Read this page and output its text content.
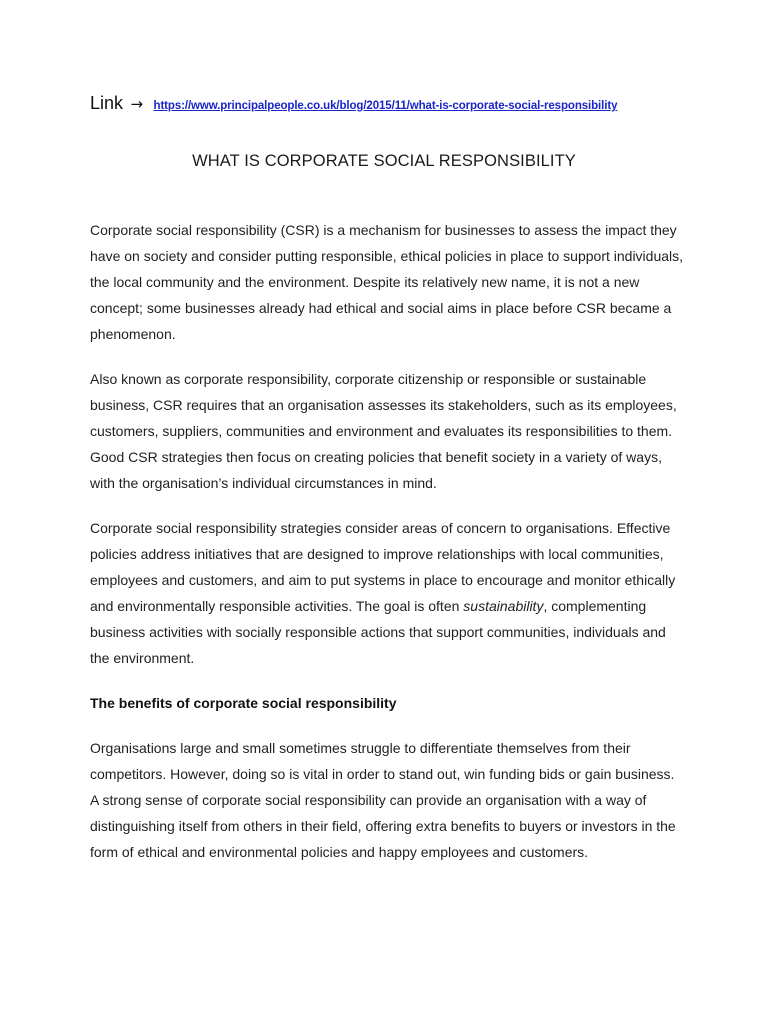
Link → https://www.principalpeople.co.uk/blog/2015/11/what-is-corporate-social-responsibility
WHAT IS CORPORATE SOCIAL RESPONSIBILITY

Corporate social responsibility (CSR) is a mechanism for businesses to assess the impact they
have on society and consider putting responsible, ethical policies in place to support individuals,
the local community and the environment. Despite its relatively new name, it is not a new
concept; some businesses already had ethical and social aims in place before CSR became a
phenomenon.

Also known as corporate responsibility, corporate citizenship or responsible or sustainable
business, CSR requires that an organisation assesses its stakeholders, such as its employees,
customers, suppliers, communities and environment and evaluates its responsibilities to them.
Good CSR strategies then focus on creating policies that benefit society in a variety of ways,
with the organisation’s individual circumstances in mind.

Corporate social responsibility strategies consider areas of concern to organisations. Effective
policies address initiatives that are designed to improve relationships with local communities,
employees and customers, and aim to put systems in place to encourage and monitor ethically
and environmentally responsible activities. The goal is often sustainability, complementing
business activities with socially responsible actions that support communities, individuals and
the environment.

The benefits of corporate social responsibility

Organisations large and small sometimes struggle to differentiate themselves from their
competitors. However, doing so is vital in order to stand out, win funding bids or gain business.
A strong sense of corporate social responsibility can provide an organisation with a way of
distinguishing itself from others in their field, offering extra benefits to buyers or investors in the
form of ethical and environmental policies and happy employees and customers.
